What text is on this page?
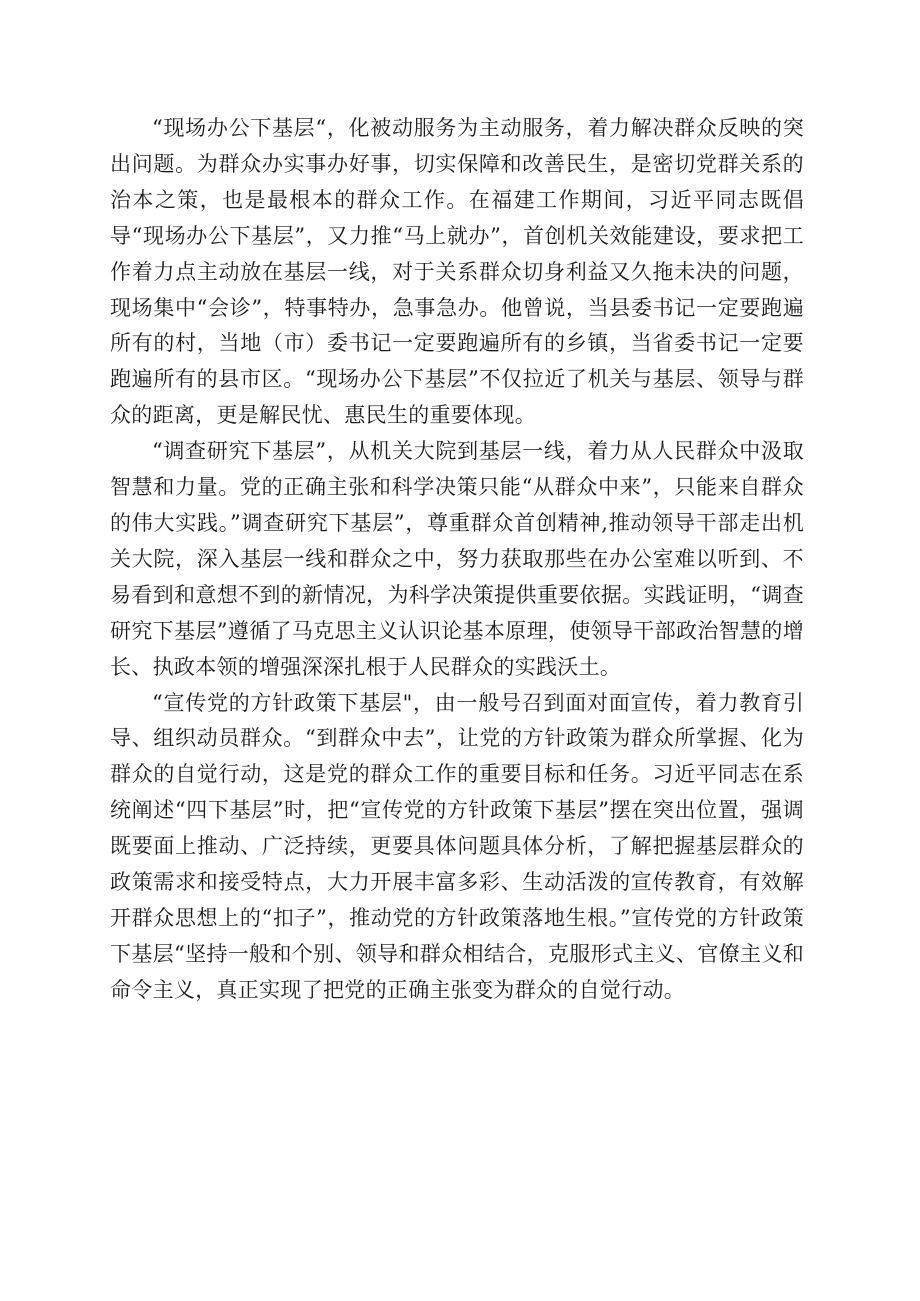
“现场办公下基层“，化被动服务为主动服务，着力解决群众反映的突出问题。为群众办实事办好事，切实保障和改善民生，是密切党群关系的治本之策，也是最根本的群众工作。在福建工作期间，习近平同志既倡导“现场办公下基层”，又力推“马上就办”，首创机关效能建设，要求把工作着力点主动放在基层一线，对于关系群众切身利益又久拖未决的问题，现场集中“会诊”，特事特办，急事急办。他曾说，当县委书记一定要跑遍所有的村，当地（市）委书记一定要跑遍所有的乡镇，当省委书记一定要跑遍所有的县市区。“现场办公下基层”不仅拉近了机关与基层、领导与群众的距离，更是解民忧、惠民生的重要体现。

“调查研究下基层”，从机关大院到基层一线，着力从人民群众中汲取智慧和力量。党的正确主张和科学决策只能“从群众中来”，只能来自群众的伟大实践。”调查研究下基层”，尊重群众首创精神,推动领导干部走出机关大院，深入基层一线和群众之中，努力获取那些在办公室难以听到、不易看到和意想不到的新情况，为科学决策提供重要依据。实践证明，“调查研究下基层”遵循了马克思主义认识论基本原理，使领导干部政治智慧的增长、执政本领的增强深深扎根于人民群众的实践沃土。

“宣传党的方针政策下基层"，由一般号召到面对面宣传，着力教育引导、组织动员群众。“到群众中去”，让党的方针政策为群众所掌握、化为群众的自觉行动，这是党的群众工作的重要目标和任务。习近平同志在系统阐述“四下基层”时，把“宣传党的方针政策下基层”摆在突出位置，强调既要面上推动、广泛持续，更要具体问题具体分析，了解把握基层群众的政策需求和接受特点，大力开展丰富多彩、生动活泼的宣传教育，有效解开群众思想上的“扣子”，推动党的方针政策落地生根。”宣传党的方针政策下基层“坚持一般和个别、领导和群众相结合，克服形式主义、官僚主义和命令主义，真正实现了把党的正确主张变为群众的自觉行动。
